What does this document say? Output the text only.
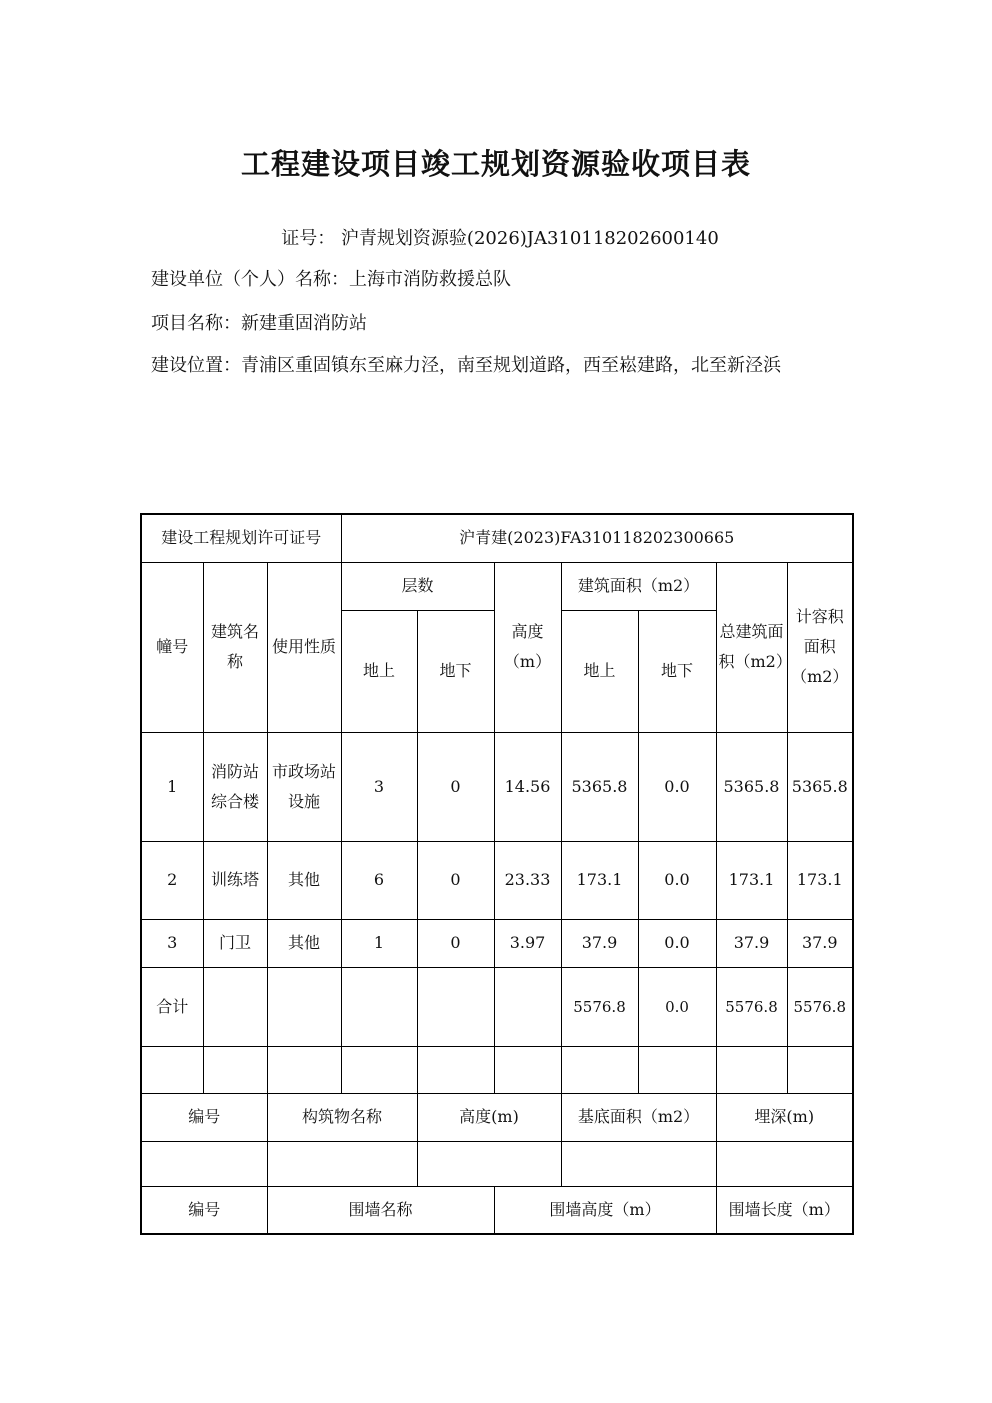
工程建设项目竣工规划资源验收项目表
证号： 沪青规划资源验(2026)JA310118202600140
建设单位（个人）名称：上海市消防救援总队
项目名称：新建重固消防站
建设位置：青浦区重固镇东至麻力泾，南至规划道路，西至崧建路，北至新泾浜
建设工程规划许可证号			沪青建(2023)FA310118202300665						
幢号	建筑名称	使用性质	层数		高度（m）	建筑面积（m2）		总建筑面积（m2）	计容积面积（m2）
			地上	地下		地上	地下		
1	消防站综合楼	市政场站设施	3	0	14.56	5365.8	0.0	5365.8	5365.8
2	训练塔	其他	6	0	23.33	173.1	0.0	173.1	173.1
3	门卫	其他	1	0	3.97	37.9	0.0	37.9	37.9
合计						5576.8	0.0	5576.8	5576.8

编号		构筑物名称		高度(m)		基底面积（m2）		埋深(m)	

编号		围墙名称			围墙高度（m）			围墙长度（m）	
